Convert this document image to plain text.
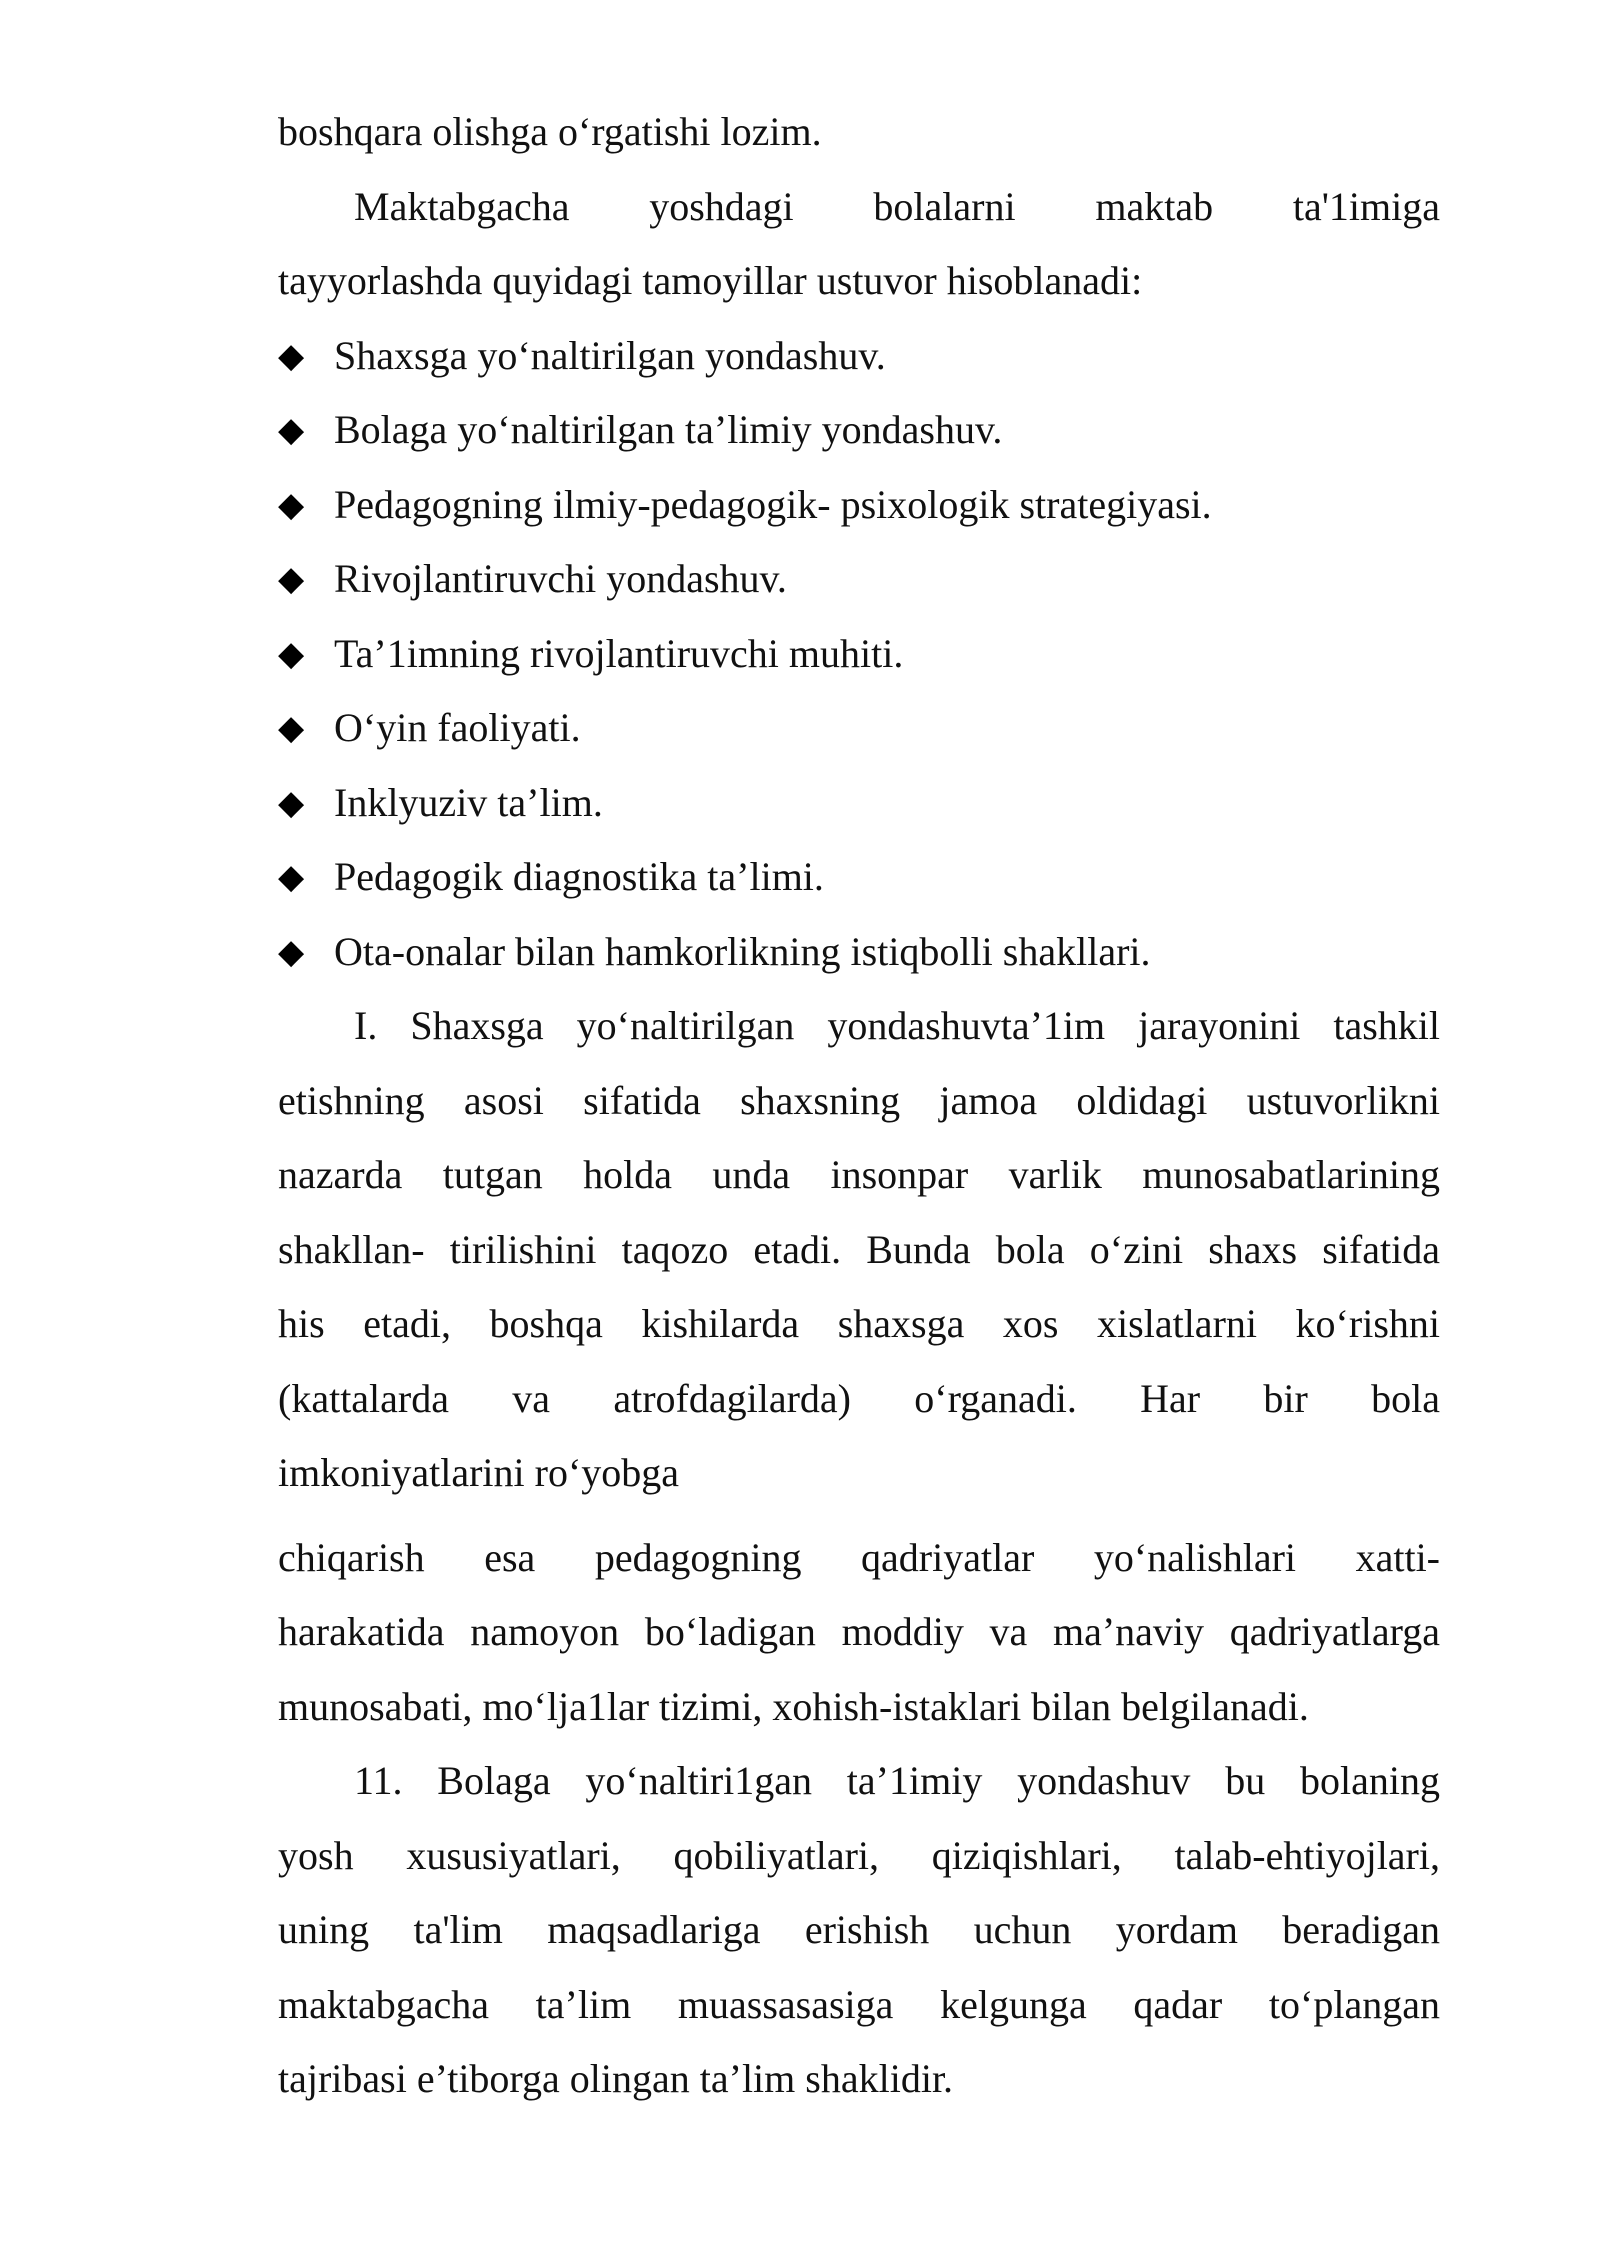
boshqara olishga o‘rgatishi lozim.
Maktabgacha yoshdagi bolalarni maktab ta'1imiga
tayyorlashda quyidagi tamoyillar ustuvor hisoblanadi:
◆ Shaxsga yo‘naltirilgan yondashuv.
◆ Bolaga yo‘naltirilgan ta’limiy yondashuv.
◆ Pedagogning ilmiy-pedagogik- psixologik strategiyasi.
◆ Rivojlantiruvchi yondashuv.
◆ Ta’1imning rivojlantiruvchi muhiti.
◆ O‘yin faoliyati.
◆ Inklyuziv ta’lim.
◆ Pedagogik diagnostika ta’limi.
◆ Ota-onalar bilan hamkorlikning istiqbolli shakllari.
I. Shaxsga yo‘naltirilgan yondashuvta’1im jarayonini tashkil
etishning asosi sifatida shaxsning jamoa oldidagi ustuvorlikni
nazarda tutgan holda unda insonpar varlik munosabatlarining
shakllan- tirilishini taqozo etadi. Bunda bola o‘zini shaxs sifatida
his etadi, boshqa kishilarda shaxsga xos xislatlarni ko‘rishni
(kattalarda va atrofdagilarda) o‘rganadi. Har bir bola
imkoniyatlarini ro‘yobga
chiqarish esa pedagogning qadriyatlar yo‘nalishlari xatti-
harakatida namoyon bo‘ladigan moddiy va ma’naviy qadriyatlarga
munosabati, mo‘lja1lar tizimi, xohish-istaklari bilan belgilanadi.
11. Bolaga yo‘naltiri1gan ta’1imiy yondashuv bu bolaning
yosh xususiyatlari, qobiliyatlari, qiziqishlari, talab-ehtiyojlari,
uning ta'lim maqsadlariga erishish uchun yordam beradigan
maktabgacha ta’lim muassasasiga kelgunga qadar to‘plangan
tajribasi e’tiborga olingan ta’lim shaklidir.
